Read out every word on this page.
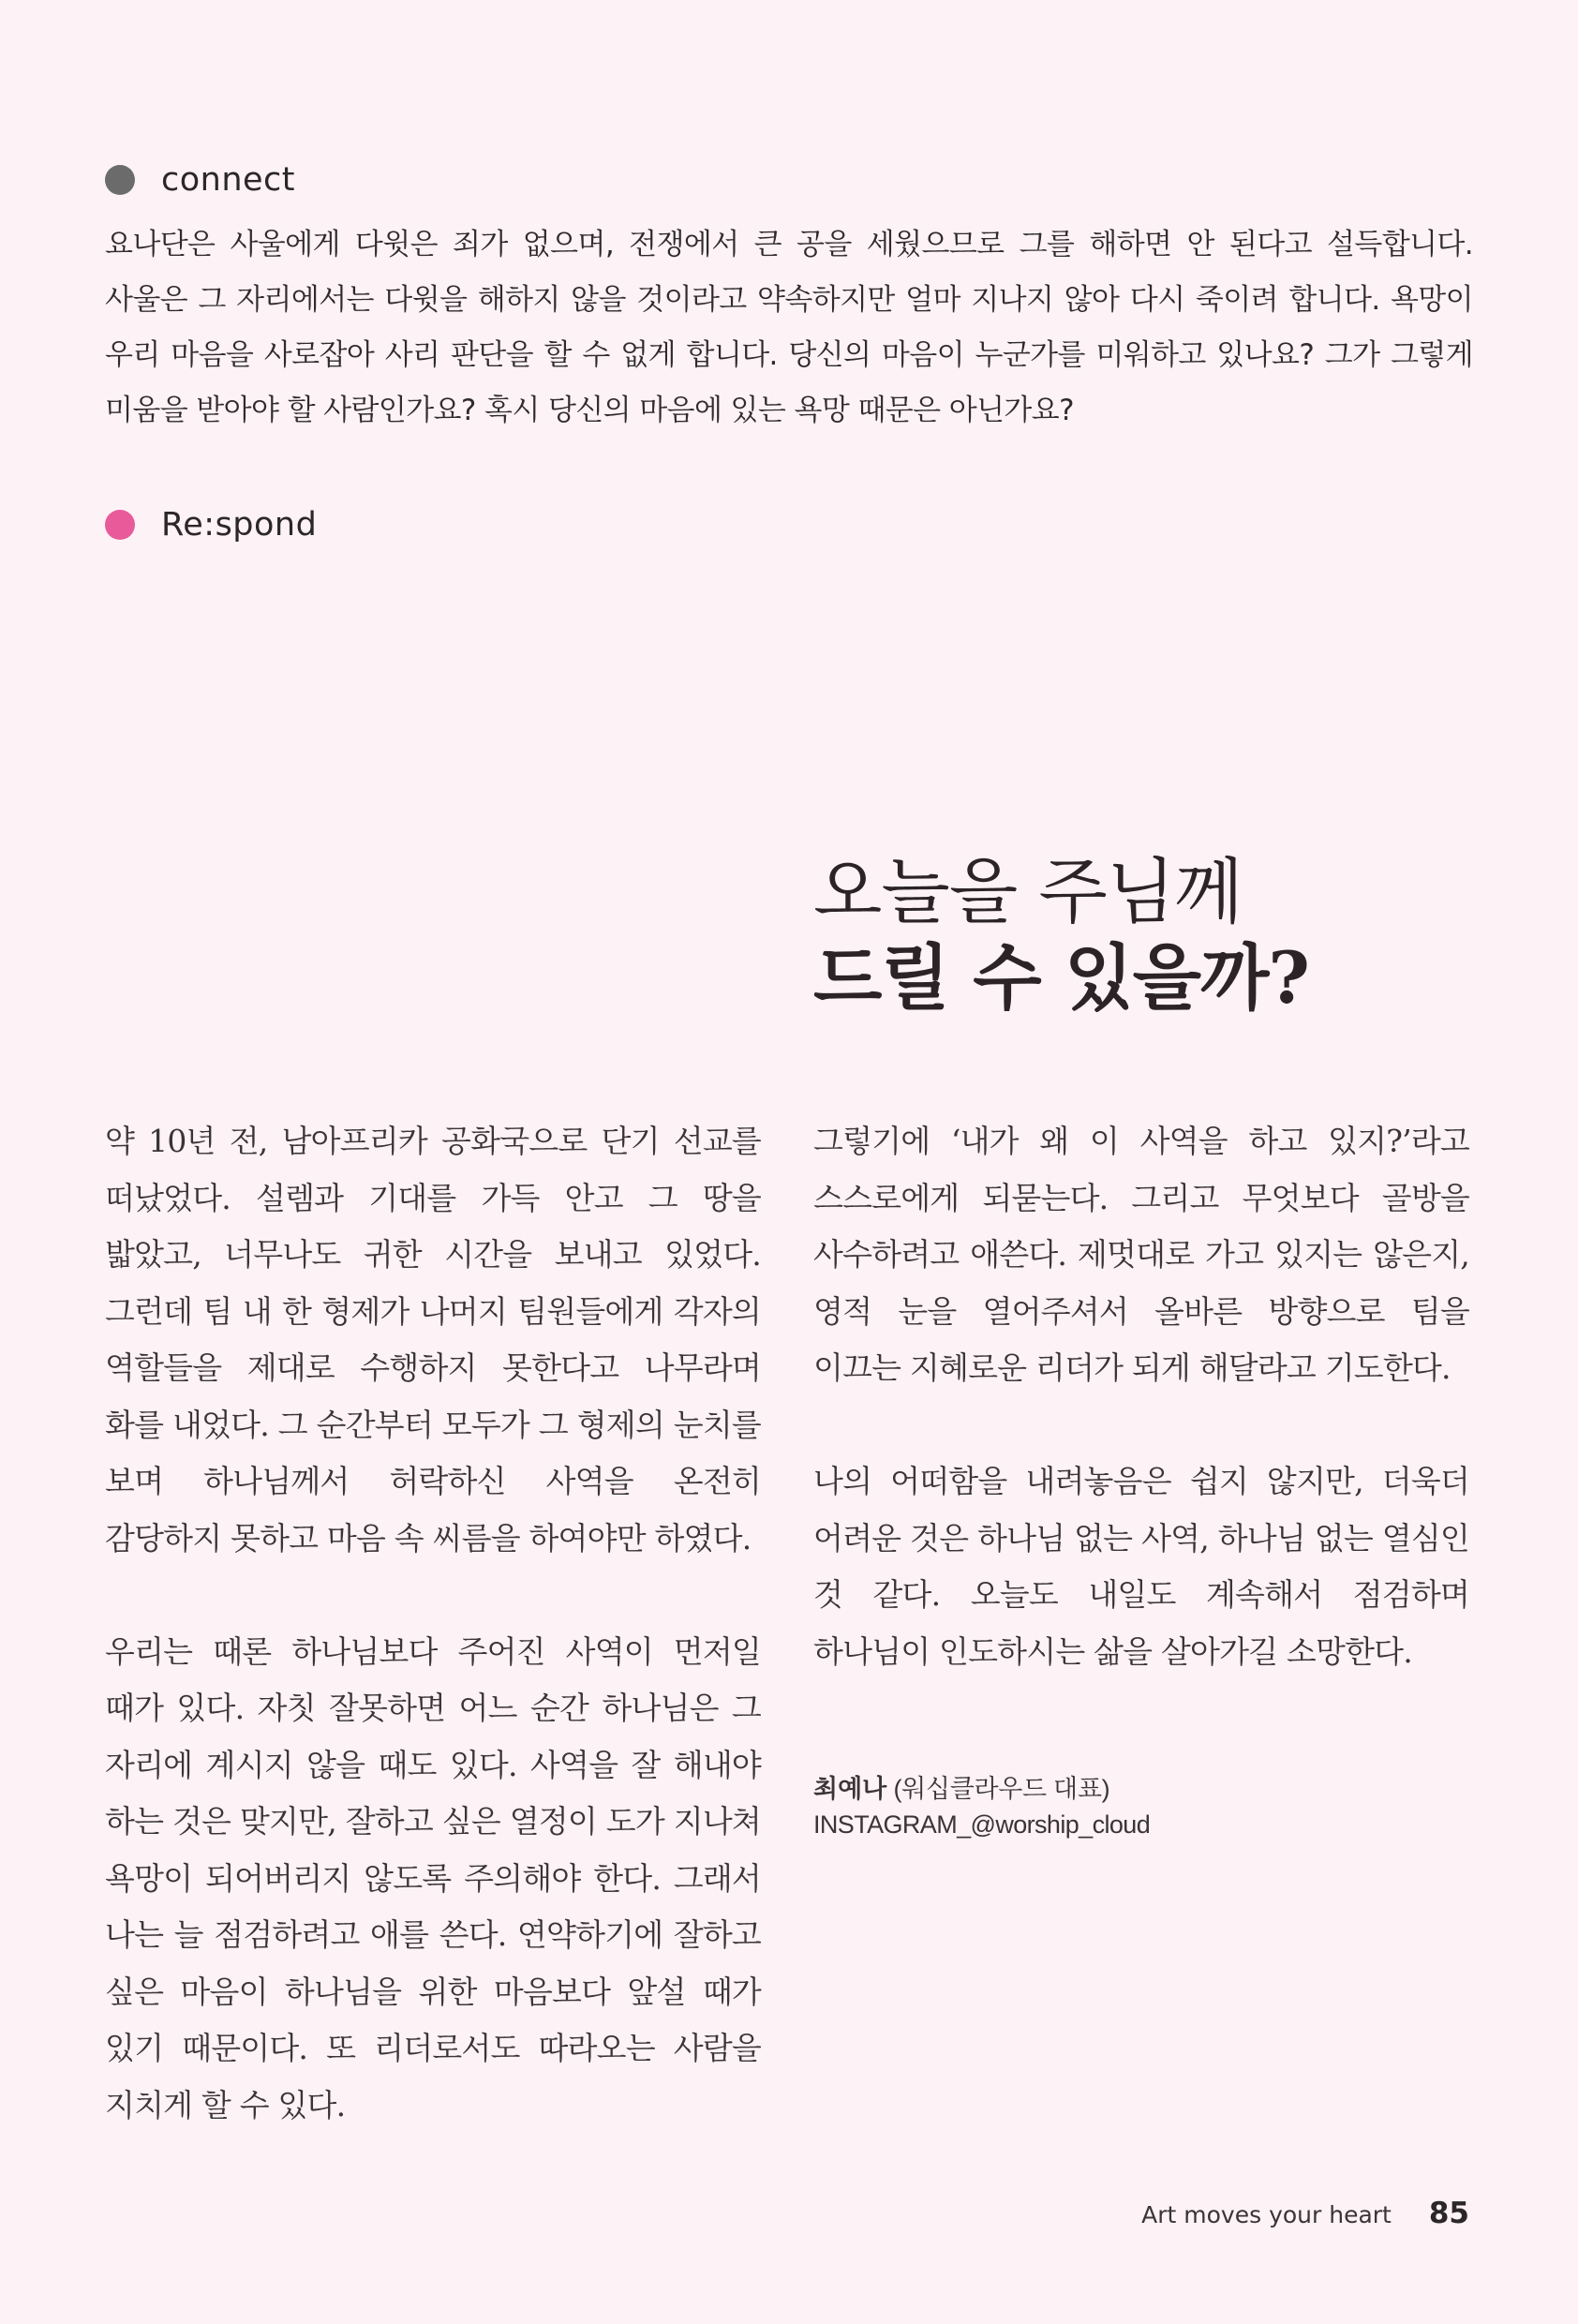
connect
요나단은 사울에게 다윗은 죄가 없으며, 전쟁에서 큰 공을 세웠으므로 그를 해하면 안 된다고 설득합니다. 사울은 그 자리에서는 다윗을 해하지 않을 것이라고 약속하지만 얼마 지나지 않아 다시 죽이려 합니다. 욕망이 우리 마음을 사로잡아 사리 판단을 할 수 없게 합니다. 당신의 마음이 누군가를 미워하고 있나요? 그가 그렇게 미움을 받아야 할 사람인가요? 혹시 당신의 마음에 있는 욕망 때문은 아닌가요?
Re:spond
오늘을 주님께
드릴 수 있을까?

약 10년 전, 남아프리카 공화국으로 단기 선교를 떠났었다. 설렘과 기대를 가득 안고 그 땅을 밟았고, 너무나도 귀한 시간을 보내고 있었다. 그런데 팀 내 한 형제가 나머지 팀원들에게 각자의 역할들을 제대로 수행하지 못한다고 나무라며 화를 내었다. 그 순간부터 모두가 그 형제의 눈치를 보며 하나님께서 허락하신 사역을 온전히 감당하지 못하고 마음 속 씨름을 하여야만 하였다.

우리는 때론 하나님보다 주어진 사역이 먼저일 때가 있다. 자칫 잘못하면 어느 순간 하나님은 그 자리에 계시지 않을 때도 있다. 사역을 잘 해내야 하는 것은 맞지만, 잘하고 싶은 열정이 도가 지나쳐 욕망이 되어버리지 않도록 주의해야 한다. 그래서 나는 늘 점검하려고 애를 쓴다. 연약하기에 잘하고 싶은 마음이 하나님을 위한 마음보다 앞설 때가 있기 때문이다. 또 리더로서도 따라오는 사람을 지치게 할 수 있다.

그렇기에 ‘내가 왜 이 사역을 하고 있지?’라고 스스로에게 되묻는다. 그리고 무엇보다 골방을 사수하려고 애쓴다. 제멋대로 가고 있지는 않은지, 영적 눈을 열어주셔서 올바른 방향으로 팀을 이끄는 지혜로운 리더가 되게 해달라고 기도한다.

나의 어떠함을 내려놓음은 쉽지 않지만, 더욱더 어려운 것은 하나님 없는 사역, 하나님 없는 열심인 것 같다. 오늘도 내일도 계속해서 점검하며 하나님이 인도하시는 삶을 살아가길 소망한다.

최예나 (워십클라우드 대표)
INSTAGRAM_@worship_cloud
Art moves your heart 85
